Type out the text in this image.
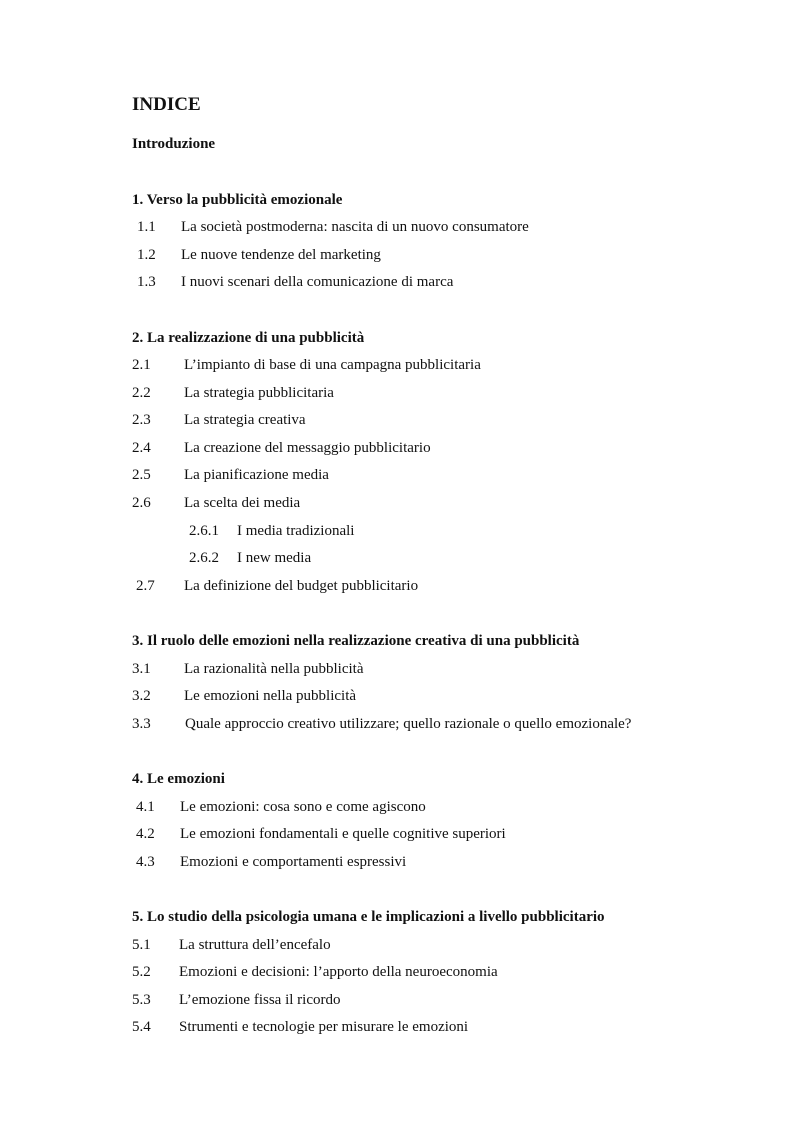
INDICE
Introduzione
1. Verso la pubblicità emozionale
1.1 La società postmoderna: nascita di un nuovo consumatore
1.2 Le nuove tendenze del marketing
1.3 I nuovi scenari della comunicazione di marca
2. La realizzazione di una pubblicità
2.1 L’impianto di base di una campagna pubblicitaria
2.2 La strategia pubblicitaria
2.3 La strategia creativa
2.4 La creazione del messaggio pubblicitario
2.5 La pianificazione media
2.6 La scelta dei media
2.6.1 I media tradizionali
2.6.2 I new media
2.7 La definizione del budget pubblicitario
3. Il ruolo delle emozioni nella realizzazione creativa di una pubblicità
3.1 La razionalità nella pubblicità
3.2 Le emozioni nella pubblicità
3.3 Quale approccio creativo utilizzare; quello razionale o quello emozionale?
4. Le emozioni
4.1 Le emozioni: cosa sono e come agiscono
4.2 Le emozioni fondamentali e quelle cognitive superiori
4.3 Emozioni e comportamenti espressivi
5. Lo studio della psicologia umana e le implicazioni a livello pubblicitario
5.1 La struttura dell’encefalo
5.2 Emozioni e decisioni: l’apporto della neuroeconomia
5.3 L’emozione fissa il ricordo
5.4 Strumenti e tecnologie per misurare le emozioni
